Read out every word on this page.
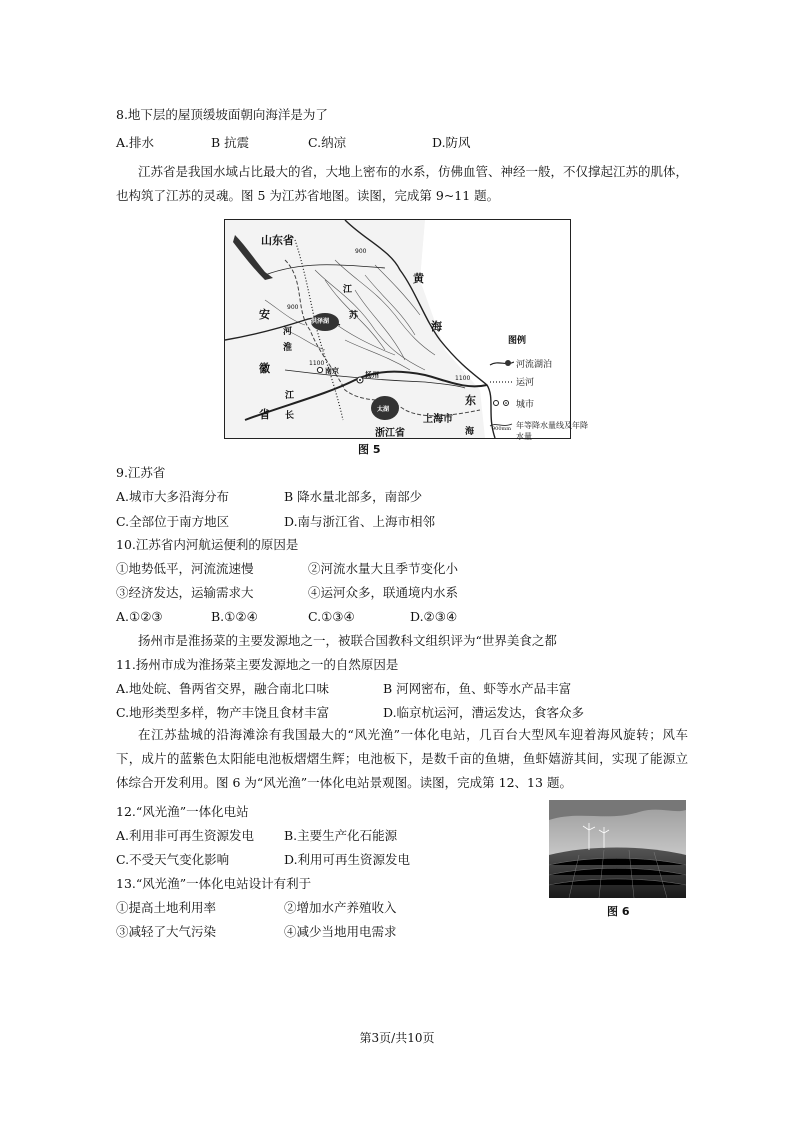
8.地下层的屋顶缓坡面朝向海洋是为了
A.排水	B 抗震	C.纳凉	D.防风
江苏省是我国水域占比最大的省，大地上密布的水系，仿佛血管、神经一般，不仅撑起江苏的肌体，也构筑了江苏的灵魂。图 5 为江苏省地图。读图，完成第 9~11 题。
山东省
安
徽
省
黄
海
江
苏
河
淮
长
江	东
海
上海市
浙江省
洪泽湖
太湖
扬州
南京
900
900
1100
1100
图例
河流湖泊
运河
城市
年等降水量线及年降水量
900mm
图 5
9.江苏省
A.城市大多沿海分布	B 降水量北部多，南部少
C.全部位于南方地区	D.南与浙江省、上海市相邻
10.江苏省内河航运便利的原因是
①地势低平，河流流速慢	②河流水量大且季节变化小
③经济发达，运输需求大	④运河众多，联通境内水系
A.①②③	B.①②④	C.①③④	D.②③④
扬州市是淮扬菜的主要发源地之一，被联合国教科文组织评为“世界美食之都
11.扬州市成为淮扬菜主要发源地之一的自然原因是
A.地处皖、鲁两省交界，融合南北口味	B 河网密布，鱼、虾等水产品丰富
C.地形类型多样，物产丰饶且食材丰富	D.临京杭运河，漕运发达，食客众多
在江苏盐城的沿海滩涂有我国最大的“风光渔”一体化电站，几百台大型风车迎着海风旋转；风车下，成片的蓝紫色太阳能电池板熠熠生辉；电池板下，是数千亩的鱼塘，鱼虾嬉游其间，实现了能源立体综合开发利用。图 6 为“风光渔”一体化电站景观图。读图，完成第 12、13 题。
12.“风光渔”一体化电站
A.利用非可再生资源发电 B.主要生产化石能源
C.不受天气变化影响	D.利用可再生资源发电
13.“风光渔”一体化电站设计有利于
①提高土地利用率	②增加水产养殖收入
③减轻了大气污染	④减少当地用电需求
图 6
第3页/共10页
